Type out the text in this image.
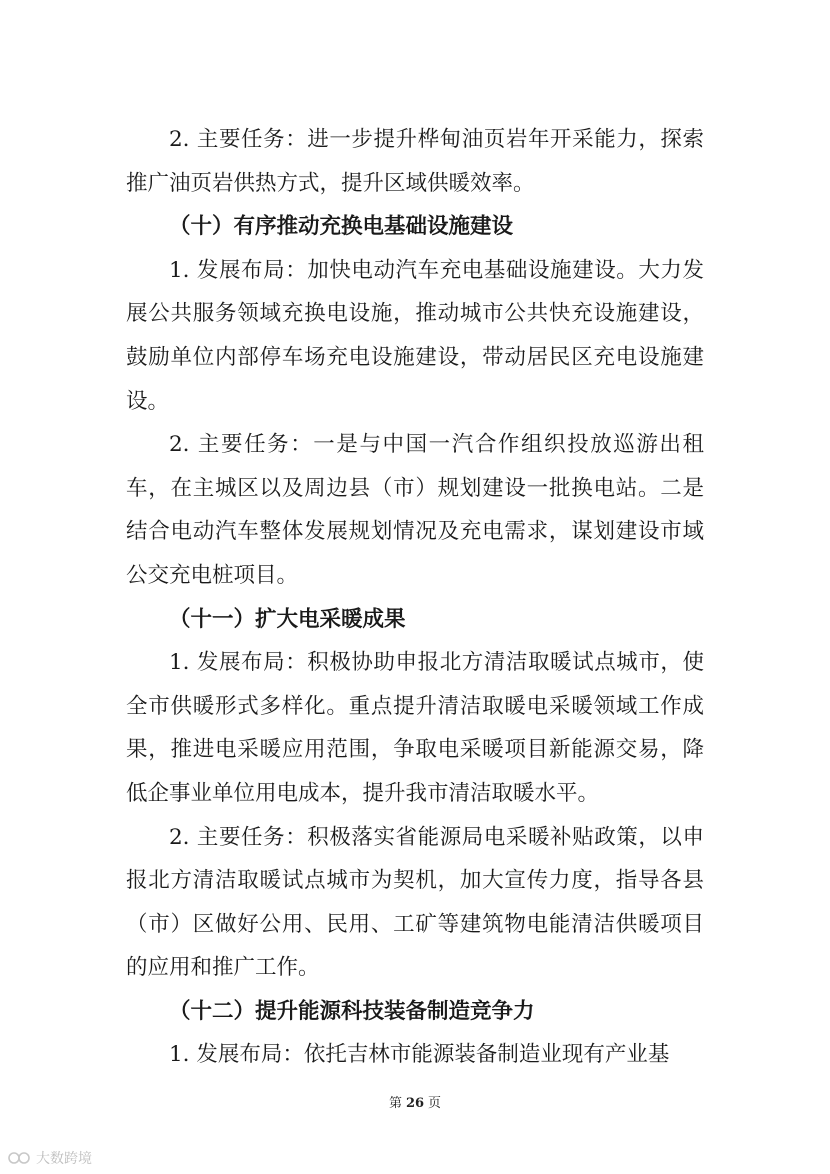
2. 主要任务：进一步提升桦甸油页岩年开采能力，探索推广油页岩供热方式，提升区域供暖效率。

（十）有序推动充换电基础设施建设

1. 发展布局：加快电动汽车充电基础设施建设。大力发展公共服务领域充换电设施，推动城市公共快充设施建设，鼓励单位内部停车场充电设施建设，带动居民区充电设施建设。

2. 主要任务：一是与中国一汽合作组织投放巡游出租车，在主城区以及周边县（市）规划建设一批换电站。二是结合电动汽车整体发展规划情况及充电需求，谋划建设市域公交充电桩项目。

（十一）扩大电采暖成果

1. 发展布局：积极协助申报北方清洁取暖试点城市，使全市供暖形式多样化。重点提升清洁取暖电采暖领域工作成果，推进电采暖应用范围，争取电采暖项目新能源交易，降低企事业单位用电成本，提升我市清洁取暖水平。

2. 主要任务：积极落实省能源局电采暖补贴政策，以申报北方清洁取暖试点城市为契机，加大宣传力度，指导各县（市）区做好公用、民用、工矿等建筑物电能清洁供暖项目的应用和推广工作。

（十二）提升能源科技装备制造竞争力

1. 发展布局：依托吉林市能源装备制造业现有产业基

第 26 页
大数跨境
